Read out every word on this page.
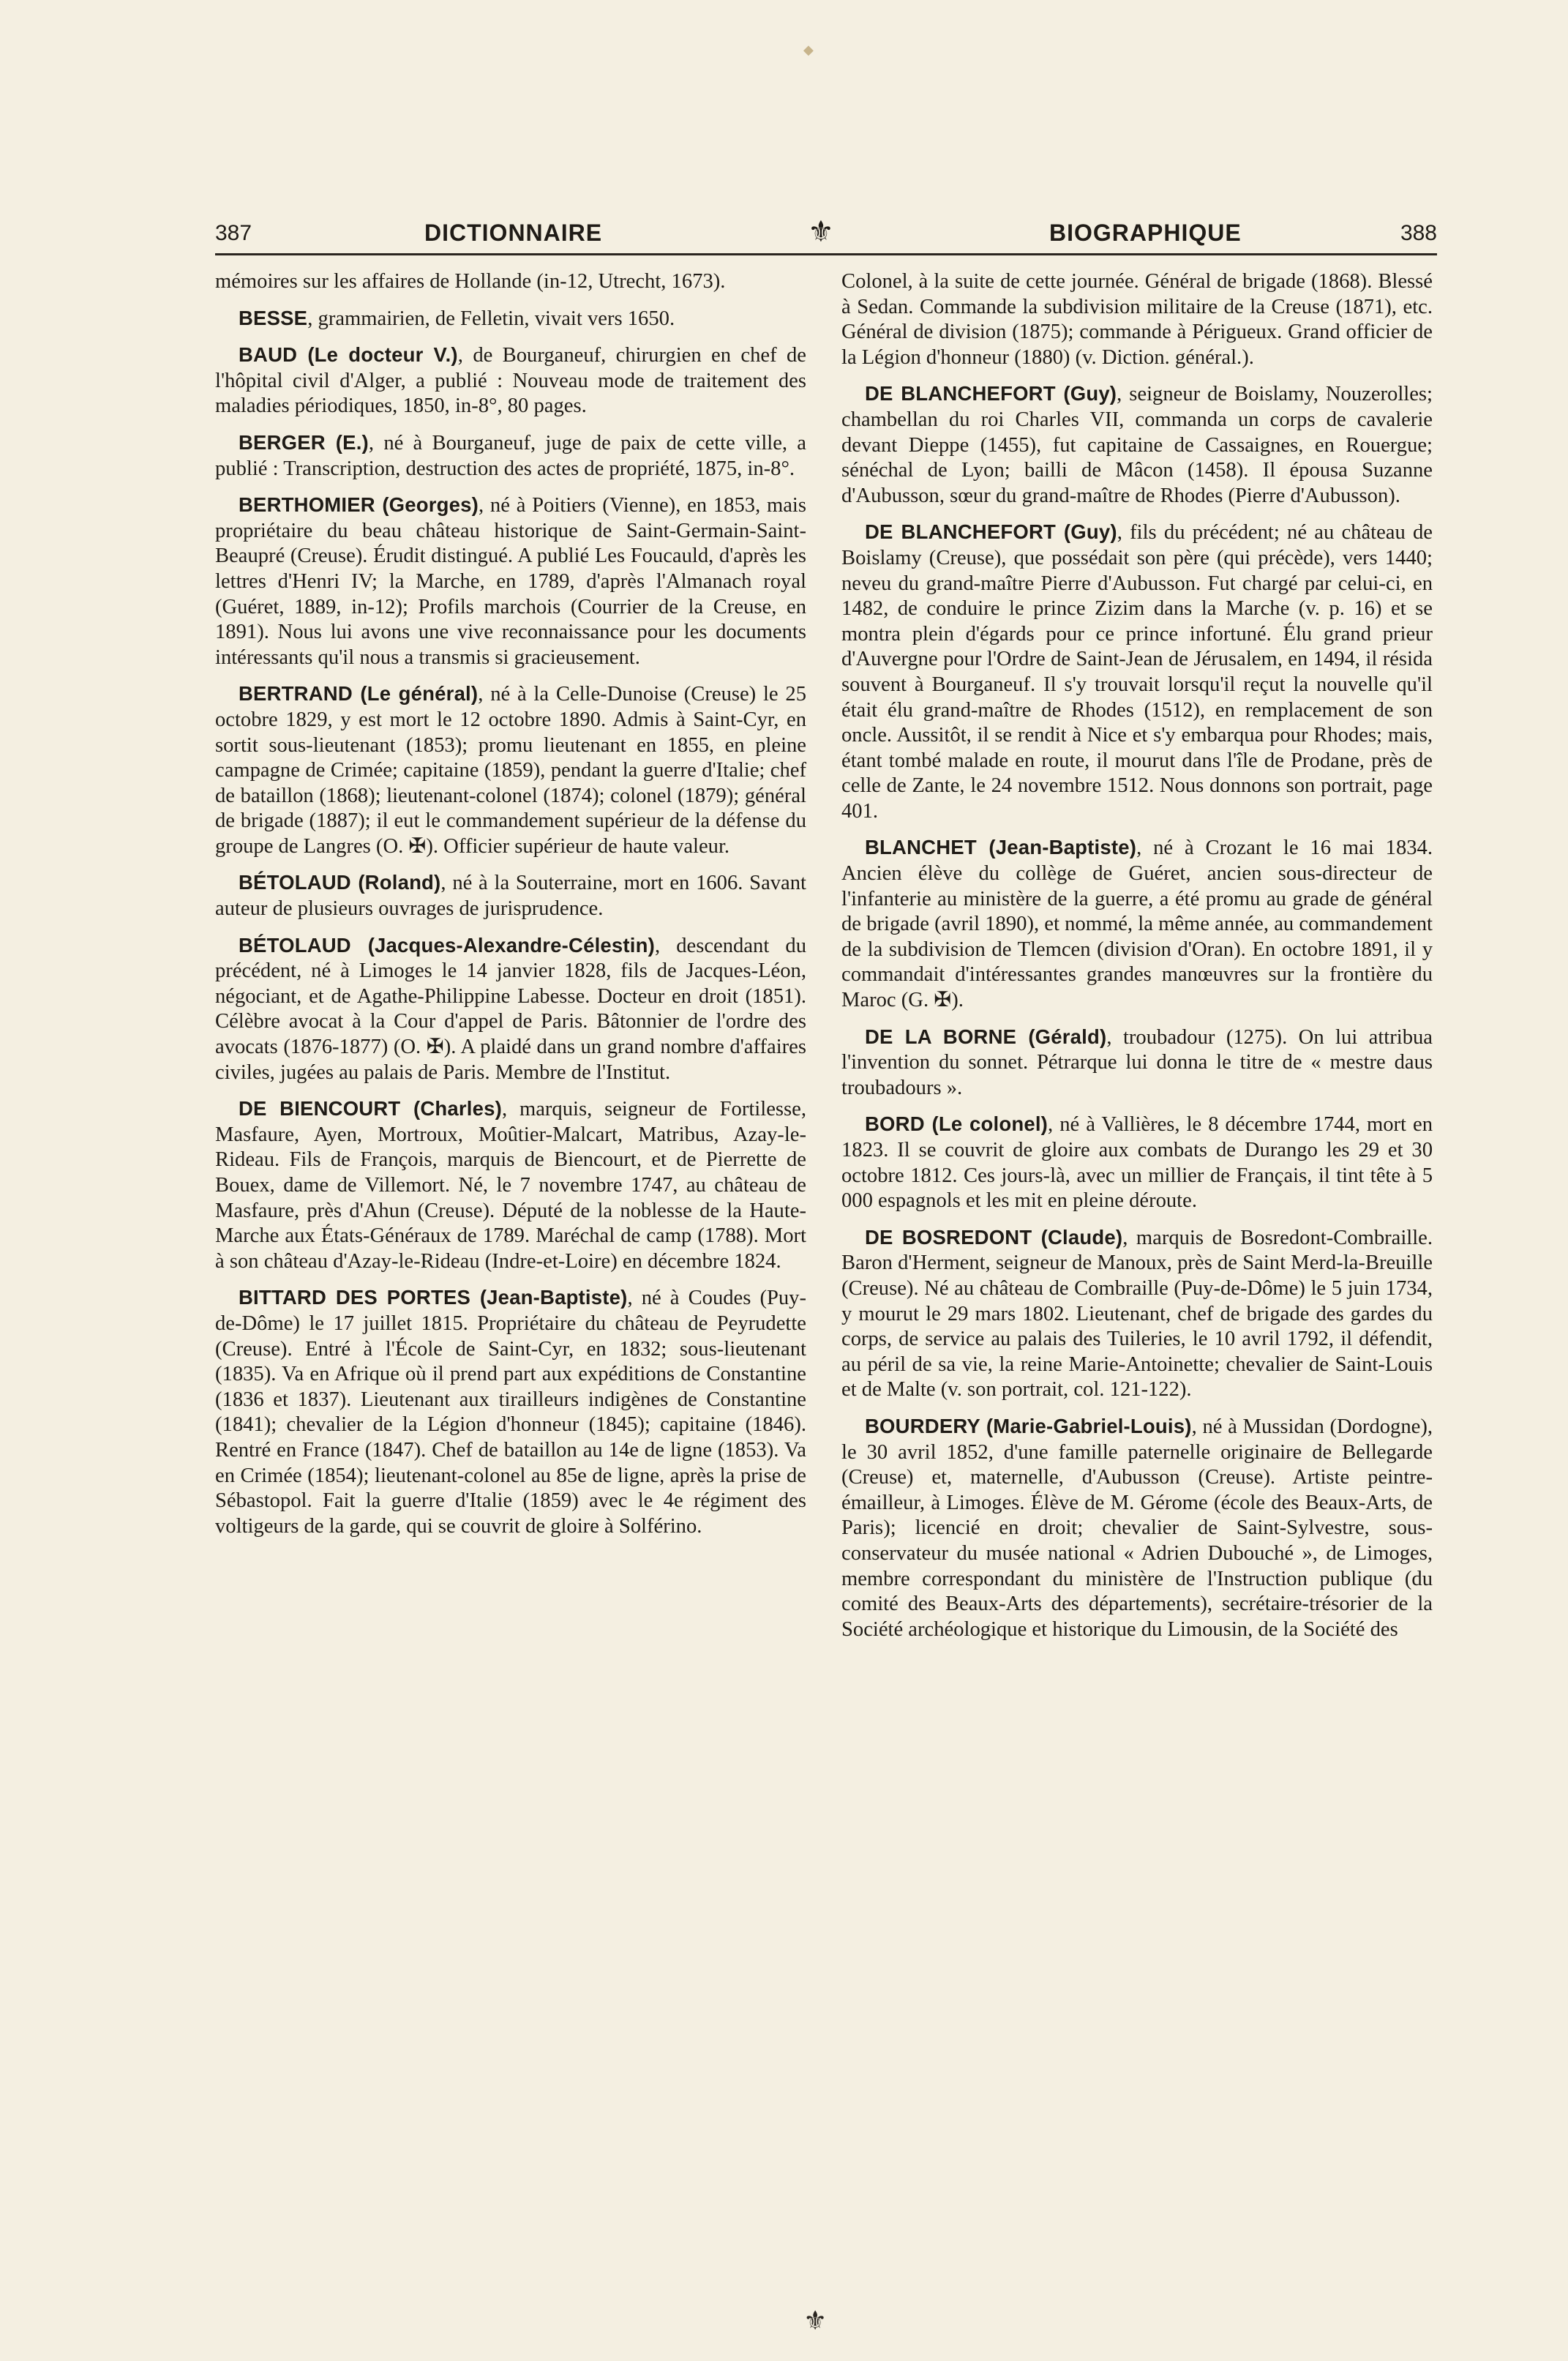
◆
387	DICTIONNAIRE	⚜	BIOGRAPHIQUE	388

mémoires sur les affaires de Hollande (in-12, Utrecht, 1673).

BESSE, grammairien, de Felletin, vivait vers 1650.

BAUD (Le docteur V.), de Bourganeuf, chirurgien en chef de l'hôpital civil d'Alger, a publié : Nouveau mode de traitement des maladies périodiques, 1850, in-8°, 80 pages.

BERGER (E.), né à Bourganeuf, juge de paix de cette ville, a publié : Transcription, destruction des actes de propriété, 1875, in-8°.

BERTHOMIER (Georges), né à Poitiers (Vienne), en 1853, mais propriétaire du beau château historique de Saint-Germain-Saint-Beaupré (Creuse). Érudit distingué. A publié Les Foucauld, d'après les lettres d'Henri IV; la Marche, en 1789, d'après l'Almanach royal (Guéret, 1889, in-12); Profils marchois (Courrier de la Creuse, en 1891). Nous lui avons une vive reconnaissance pour les documents intéressants qu'il nous a transmis si gracieusement.

BERTRAND (Le général), né à la Celle-Dunoise (Creuse) le 25 octobre 1829, y est mort le 12 octobre 1890. Admis à Saint-Cyr, en sortit sous-lieutenant (1853); promu lieutenant en 1855, en pleine campagne de Crimée; capitaine (1859), pendant la guerre d'Italie; chef de bataillon (1868); lieutenant-colonel (1874); colonel (1879); général de brigade (1887); il eut le commandement supérieur de la défense du groupe de Langres (O. ✠). Officier supérieur de haute valeur.

BÉTOLAUD (Roland), né à la Souterraine, mort en 1606. Savant auteur de plusieurs ouvrages de jurisprudence.

BÉTOLAUD (Jacques-Alexandre-Célestin), descendant du précédent, né à Limoges le 14 janvier 1828, fils de Jacques-Léon, négociant, et de Agathe-Philippine Labesse. Docteur en droit (1851). Célèbre avocat à la Cour d'appel de Paris. Bâtonnier de l'ordre des avocats (1876-1877) (O. ✠). A plaidé dans un grand nombre d'affaires civiles, jugées au palais de Paris. Membre de l'Institut.

DE BIENCOURT (Charles), marquis, seigneur de Fortilesse, Masfaure, Ayen, Mortroux, Moûtier-Malcart, Matribus, Azay-le-Rideau. Fils de François, marquis de Biencourt, et de Pierrette de Bouex, dame de Villemort. Né, le 7 novembre 1747, au château de Masfaure, près d'Ahun (Creuse). Député de la noblesse de la Haute-Marche aux États-Généraux de 1789. Maréchal de camp (1788). Mort à son château d'Azay-le-Rideau (Indre-et-Loire) en décembre 1824.

BITTARD DES PORTES (Jean-Baptiste), né à Coudes (Puy-de-Dôme) le 17 juillet 1815. Propriétaire du château de Peyrudette (Creuse). Entré à l'École de Saint-Cyr, en 1832; sous-lieutenant (1835). Va en Afrique où il prend part aux expéditions de Constantine (1836 et 1837). Lieutenant aux tirailleurs indigènes de Constantine (1841); chevalier de la Légion d'honneur (1845); capitaine (1846). Rentré en France (1847). Chef de bataillon au 14e de ligne (1853). Va en Crimée (1854); lieutenant-colonel au 85e de ligne, après la prise de Sébastopol. Fait la guerre d'Italie (1859) avec le 4e régiment des voltigeurs de la garde, qui se couvrit de gloire à Solférino.

Colonel, à la suite de cette journée. Général de brigade (1868). Blessé à Sedan. Commande la subdivision militaire de la Creuse (1871), etc. Général de division (1875); commande à Périgueux. Grand officier de la Légion d'honneur (1880) (v. Diction. général.).

DE BLANCHEFORT (Guy), seigneur de Boislamy, Nouzerolles; chambellan du roi Charles VII, commanda un corps de cavalerie devant Dieppe (1455), fut capitaine de Cassaignes, en Rouergue; sénéchal de Lyon; bailli de Mâcon (1458). Il épousa Suzanne d'Aubusson, sœur du grand-maître de Rhodes (Pierre d'Aubusson).

DE BLANCHEFORT (Guy), fils du précédent; né au château de Boislamy (Creuse), que possédait son père (qui précède), vers 1440; neveu du grand-maître Pierre d'Aubusson. Fut chargé par celui-ci, en 1482, de conduire le prince Zizim dans la Marche (v. p. 16) et se montra plein d'égards pour ce prince infortuné. Élu grand prieur d'Auvergne pour l'Ordre de Saint-Jean de Jérusalem, en 1494, il résida souvent à Bourganeuf. Il s'y trouvait lorsqu'il reçut la nouvelle qu'il était élu grand-maître de Rhodes (1512), en remplacement de son oncle. Aussitôt, il se rendit à Nice et s'y embarqua pour Rhodes; mais, étant tombé malade en route, il mourut dans l'île de Prodane, près de celle de Zante, le 24 novembre 1512. Nous donnons son portrait, page 401.

BLANCHET (Jean-Baptiste), né à Crozant le 16 mai 1834. Ancien élève du collège de Guéret, ancien sous-directeur de l'infanterie au ministère de la guerre, a été promu au grade de général de brigade (avril 1890), et nommé, la même année, au commandement de la subdivision de Tlemcen (division d'Oran). En octobre 1891, il y commandait d'intéressantes grandes manœuvres sur la frontière du Maroc (G. ✠).

DE LA BORNE (Gérald), troubadour (1275). On lui attribua l'invention du sonnet. Pétrarque lui donna le titre de « mestre daus troubadours ».

BORD (Le colonel), né à Vallières, le 8 décembre 1744, mort en 1823. Il se couvrit de gloire aux combats de Durango les 29 et 30 octobre 1812. Ces jours-là, avec un millier de Français, il tint tête à 5 000 espagnols et les mit en pleine déroute.

DE BOSREDONT (Claude), marquis de Bosredont-Combraille. Baron d'Herment, seigneur de Manoux, près de Saint Merd-la-Breuille (Creuse). Né au château de Combraille (Puy-de-Dôme) le 5 juin 1734, y mourut le 29 mars 1802. Lieutenant, chef de brigade des gardes du corps, de service au palais des Tuileries, le 10 avril 1792, il défendit, au péril de sa vie, la reine Marie-Antoinette; chevalier de Saint-Louis et de Malte (v. son portrait, col. 121-122).

BOURDERY (Marie-Gabriel-Louis), né à Mussidan (Dordogne), le 30 avril 1852, d'une famille paternelle originaire de Bellegarde (Creuse) et, maternelle, d'Aubusson (Creuse). Artiste peintre-émailleur, à Limoges. Élève de M. Gérome (école des Beaux-Arts, de Paris); licencié en droit; chevalier de Saint-Sylvestre, sous-conservateur du musée national « Adrien Dubouché », de Limoges, membre correspondant du ministère de l'Instruction publique (du comité des Beaux-Arts des départements), secrétaire-trésorier de la Société archéologique et historique du Limousin, de la Société des

⚜
